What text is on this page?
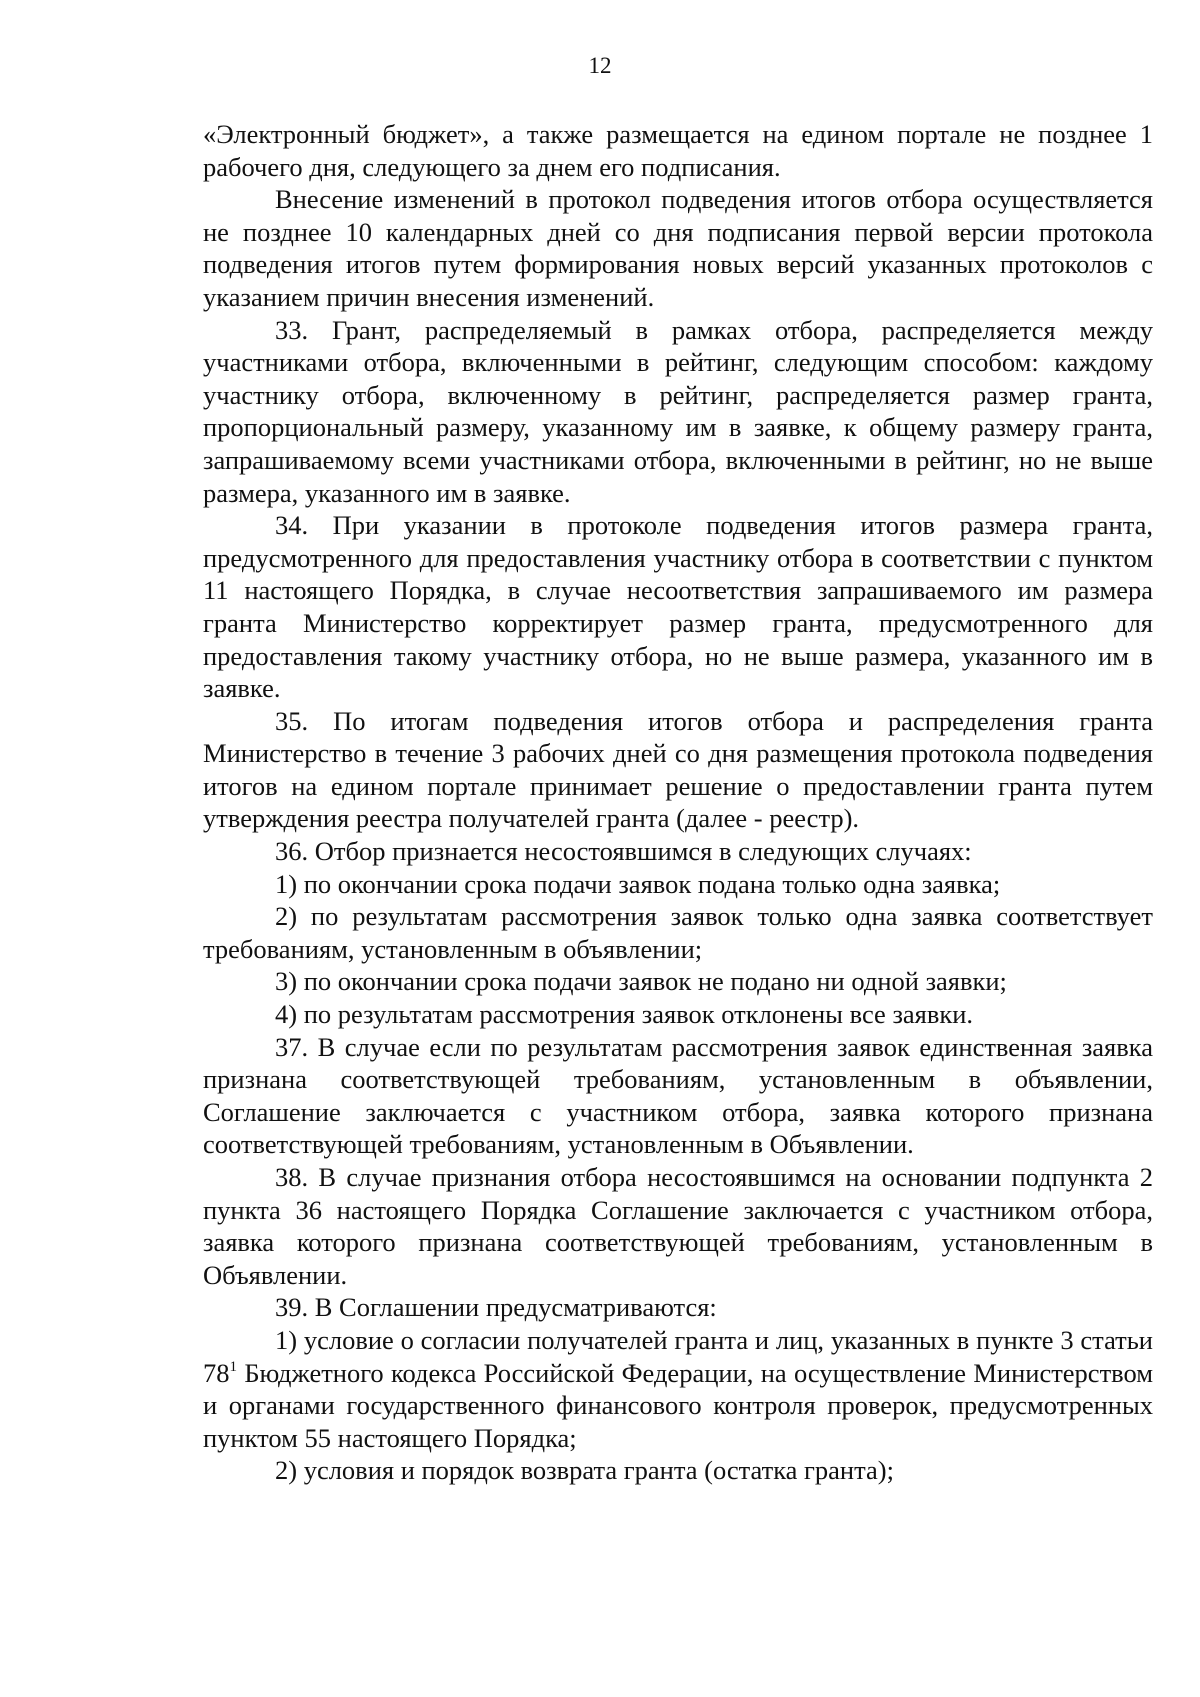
12

«Электронный бюджет», а также размещается на едином портале не позднее 1 рабочего дня, следующего за днем его подписания.

Внесение изменений в протокол подведения итогов отбора осуществляется не позднее 10 календарных дней со дня подписания первой версии протокола подведения итогов путем формирования новых версий указанных протоколов с указанием причин внесения изменений.

33. Грант, распределяемый в рамках отбора, распределяется между участниками отбора, включенными в рейтинг, следующим способом: каждому участнику отбора, включенному в рейтинг, распределяется размер гранта, пропорциональный размеру, указанному им в заявке, к общему размеру гранта, запрашиваемому всеми участниками отбора, включенными в рейтинг, но не выше размера, указанного им в заявке.

34. При указании в протоколе подведения итогов размера гранта, предусмотренного для предоставления участнику отбора в соответствии с пунктом 11 настоящего Порядка, в случае несоответствия запрашиваемого им размера гранта Министерство корректирует размер гранта, предусмотренного для предоставления такому участнику отбора, но не выше размера, указанного им в заявке.

35. По итогам подведения итогов отбора и распределения гранта Министерство в течение 3 рабочих дней со дня размещения протокола подведения итогов на едином портале принимает решение о предоставлении гранта путем утверждения реестра получателей гранта (далее - реестр).

36. Отбор признается несостоявшимся в следующих случаях:

1) по окончании срока подачи заявок подана только одна заявка;

2) по результатам рассмотрения заявок только одна заявка соответствует требованиям, установленным в объявлении;

3) по окончании срока подачи заявок не подано ни одной заявки;

4) по результатам рассмотрения заявок отклонены все заявки.

37. В случае если по результатам рассмотрения заявок единственная заявка признана соответствующей требованиям, установленным в объявлении, Соглашение заключается с участником отбора, заявка которого признана соответствующей требованиям, установленным в Объявлении.

38. В случае признания отбора несостоявшимся на основании подпункта 2 пункта 36 настоящего Порядка Соглашение заключается с участником отбора, заявка которого признана соответствующей требованиям, установленным в Объявлении.

39. В Соглашении предусматриваются:

1) условие о согласии получателей гранта и лиц, указанных в пункте 3 статьи $78^1$ Бюджетного кодекса Российской Федерации, на осуществление Министерством и органами государственного финансового контроля проверок, предусмотренных пунктом 55 настоящего Порядка;

2) условия и порядок возврата гранта (остатка гранта);
